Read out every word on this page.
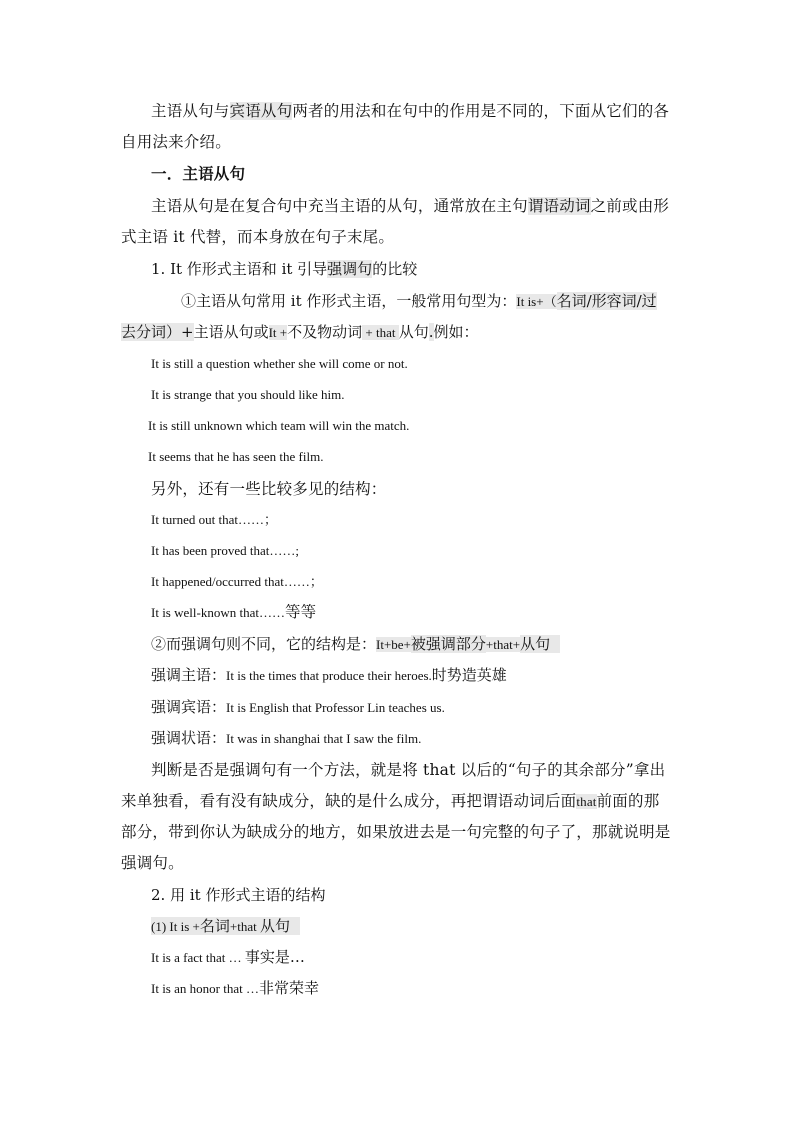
主语从句与宾语从句两者的用法和在句中的作用是不同的，下面从它们的各
自用法来介绍。
一．主语从句
主语从句是在复合句中充当主语的从句，通常放在主句谓语动词之前或由形
式主语 it 代替，而本身放在句子末尾。
1. It 作形式主语和 it 引导强调句的比较
①主语从句常用 it 作形式主语，一般常用句型为：It is+（名词/形容词/过
去分词）+主语从句或It +不及物动词 + that 从句.例如：
It is still a question whether she will come or not.
It is strange that you should like him.
It is still unknown which team will win the match.
It seems that he has seen the film.
另外，还有一些比较多见的结构：
It turned out that……；
It has been proved that……;
It happened/occurred that……；
It is well-known that……等等
②而强调句则不同，它的结构是：It+be+被强调部分+that+从句
强调主语：It is the times that produce their heroes.时势造英雄
强调宾语：It is English that Professor Lin teaches us.
强调状语：It was in shanghai that I saw the film.
判断是否是强调句有一个方法，就是将 that 以后的“句子的其余部分”拿出
来单独看，看有没有缺成分，缺的是什么成分，再把谓语动词后面that前面的那
部分，带到你认为缺成分的地方，如果放进去是一句完整的句子了，那就说明是
强调句。
2. 用 it 作形式主语的结构
(1) It is +名词+that 从句
It is a fact that … 事实是…
It is an honor that …非常荣幸
